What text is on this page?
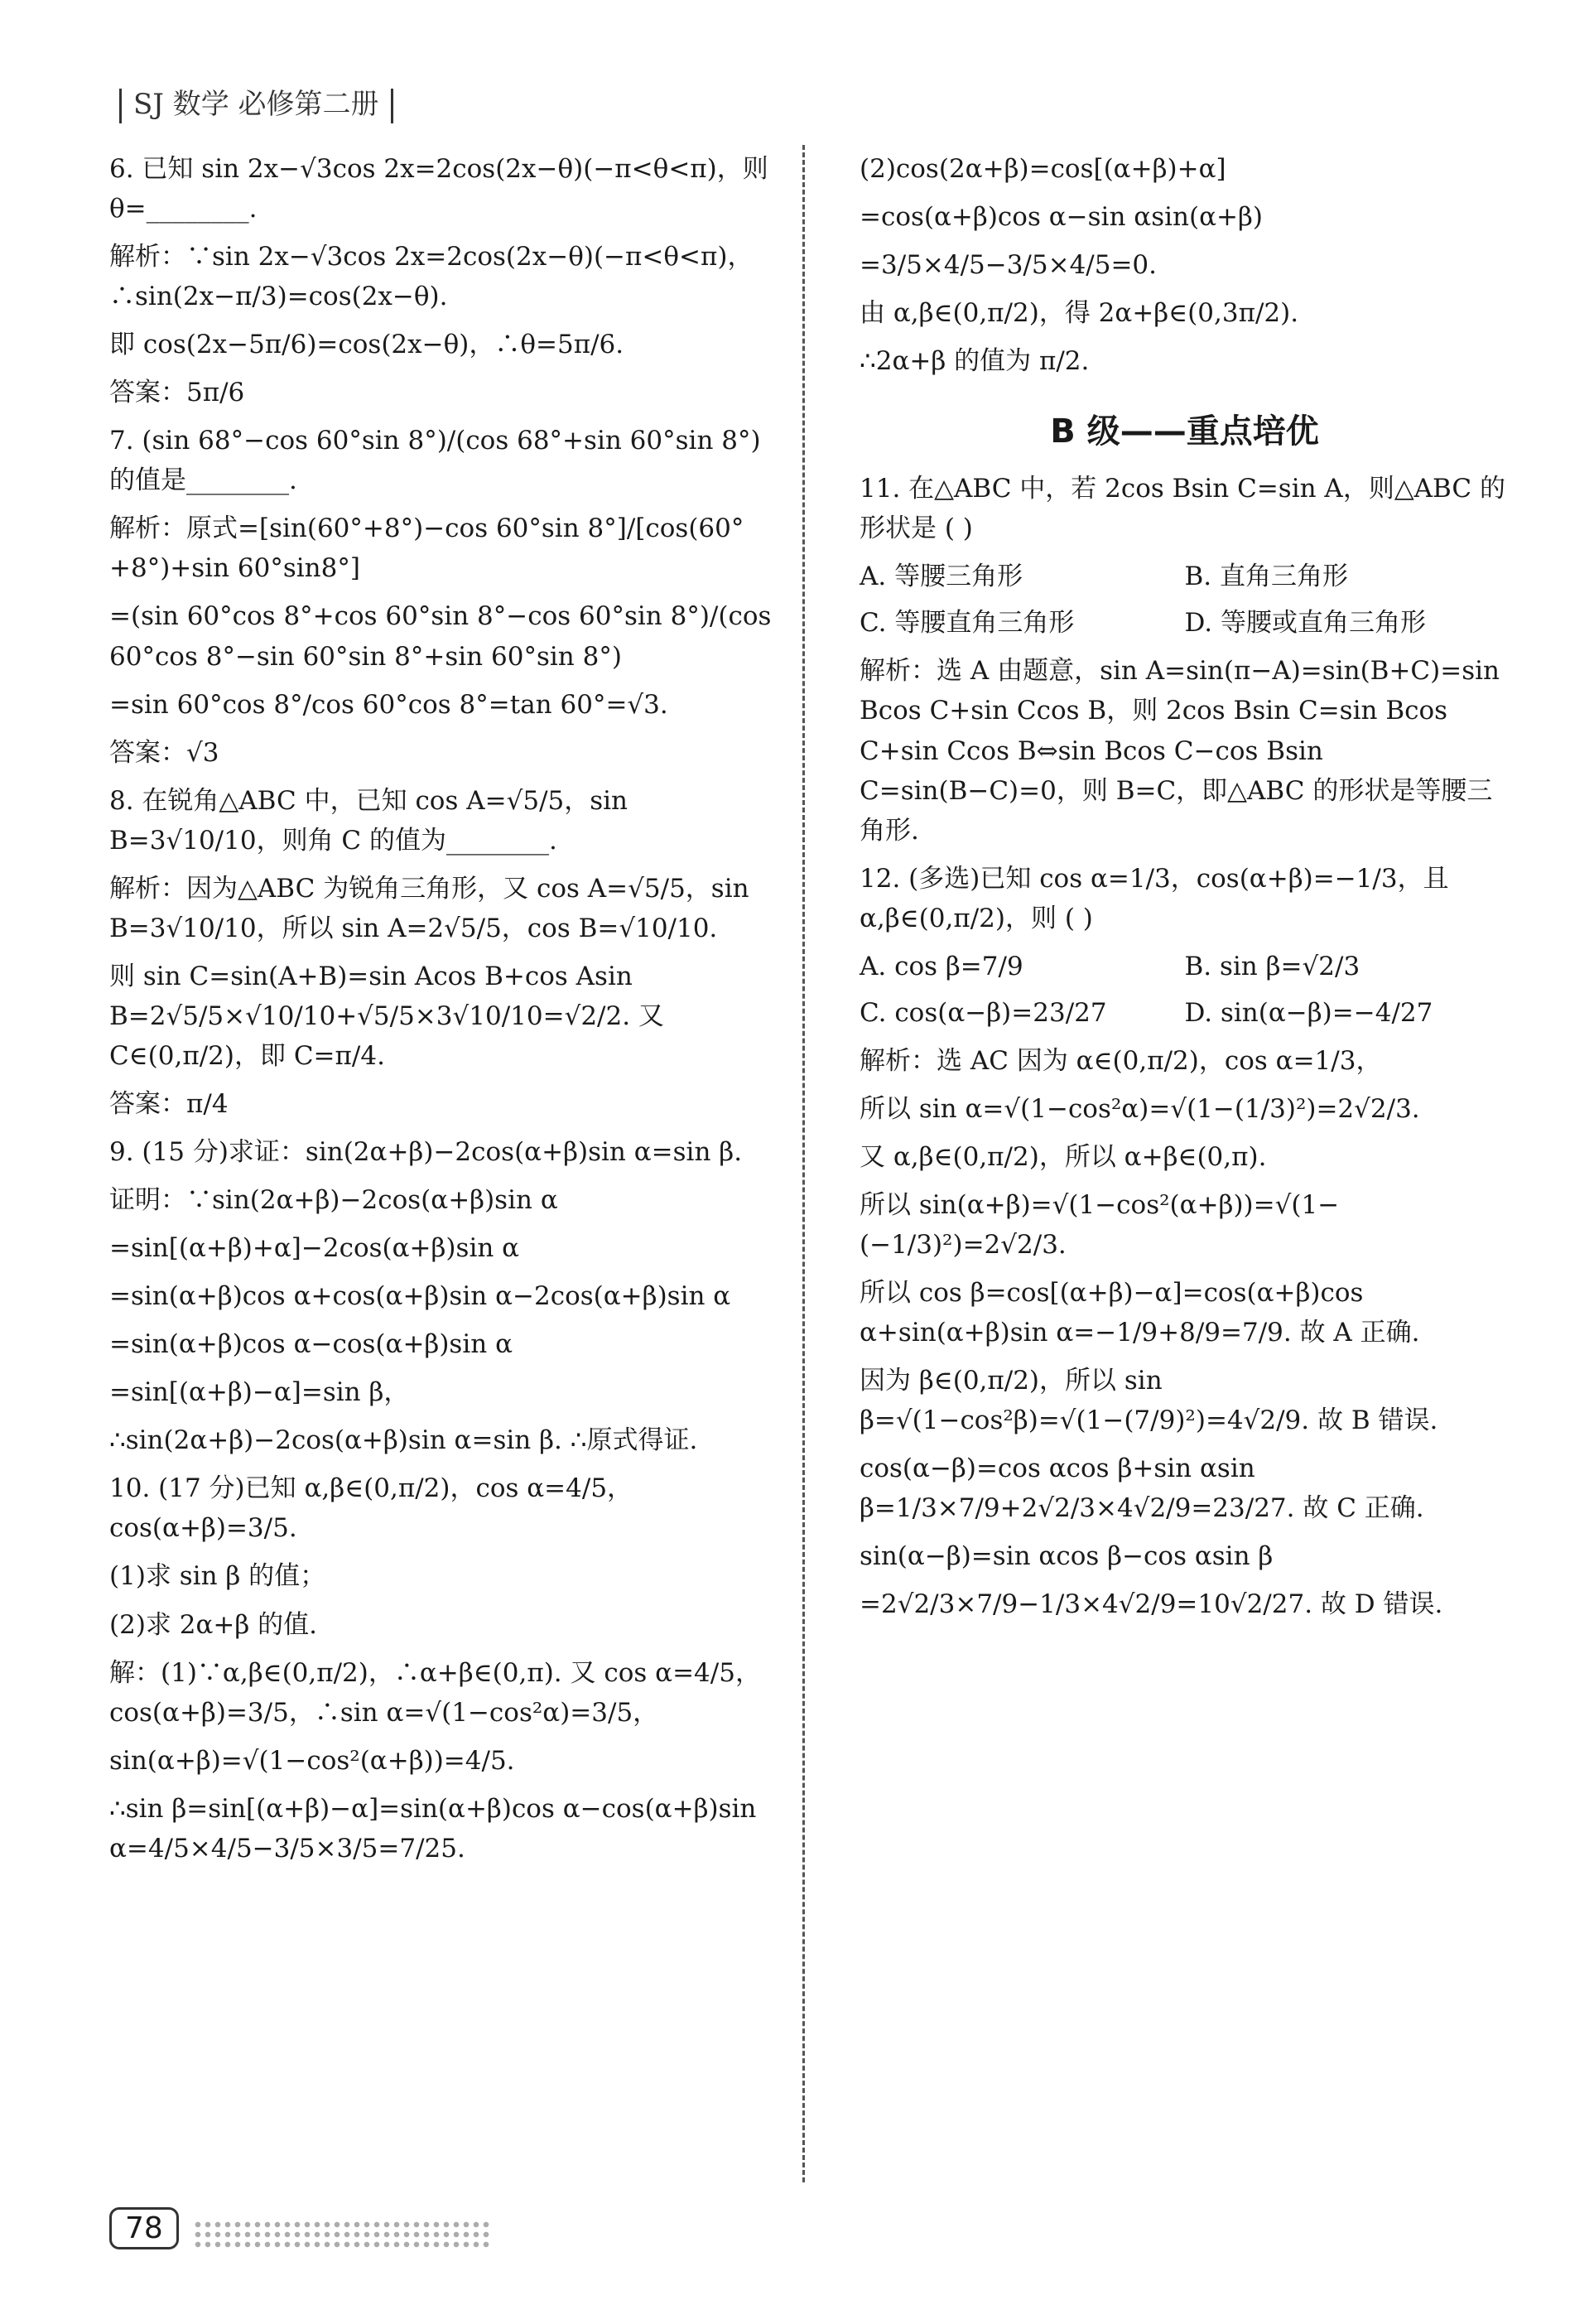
SJ 数学 必修第二册
6. 已知 sin 2x−√3cos 2x=2cos(2x−θ)(−π<θ<π)，则 θ=________.
解析：∵sin 2x−√3cos 2x=2cos(2x−θ)(−π<θ<π)，∴sin(2x−π/3)=cos(2x−θ).
即 cos(2x−5π/6)=cos(2x−θ)，∴θ=5π/6.
答案：5π/6
7. (sin 68°−cos 60°sin 8°)/(cos 68°+sin 60°sin 8°) 的值是________.
解析：原式=[sin(60°+8°)−cos 60°sin 8°]/[cos(60°+8°)+sin 60°sin8°]
=(sin 60°cos 8°+cos 60°sin 8°−cos 60°sin 8°)/(cos 60°cos 8°−sin 60°sin 8°+sin 60°sin 8°)
=sin 60°cos 8°/cos 60°cos 8°=tan 60°=√3.
答案：√3
8. 在锐角△ABC 中，已知 cos A=√5/5，sin B=3√10/10，则角 C 的值为________.
解析：因为△ABC 为锐角三角形，又 cos A=√5/5，sin B=3√10/10，所以 sin A=2√5/5，cos B=√10/10.
则 sin C=sin(A+B)=sin Acos B+cos Asin B=2√5/5×√10/10+√5/5×3√10/10=√2/2. 又 C∈(0,π/2)，即 C=π/4.
答案：π/4
9. (15 分)求证：sin(2α+β)−2cos(α+β)sin α=sin β.
证明：∵sin(2α+β)−2cos(α+β)sin α
=sin[(α+β)+α]−2cos(α+β)sin α
=sin(α+β)cos α+cos(α+β)sin α−2cos(α+β)sin α
=sin(α+β)cos α−cos(α+β)sin α
=sin[(α+β)−α]=sin β，
∴sin(2α+β)−2cos(α+β)sin α=sin β. ∴原式得证.
10. (17 分)已知 α,β∈(0,π/2)，cos α=4/5，cos(α+β)=3/5.
(1)求 sin β 的值；
(2)求 2α+β 的值.
解：(1)∵α,β∈(0,π/2)，∴α+β∈(0,π). 又 cos α=4/5，cos(α+β)=3/5，∴sin α=√(1−cos²α)=3/5，
sin(α+β)=√(1−cos²(α+β))=4/5.
∴sin β=sin[(α+β)−α]=sin(α+β)cos α−cos(α+β)sin α=4/5×4/5−3/5×3/5=7/25.
(2)cos(2α+β)=cos[(α+β)+α]
=cos(α+β)cos α−sin αsin(α+β)
=3/5×4/5−3/5×4/5=0.
由 α,β∈(0,π/2)，得 2α+β∈(0,3π/2).
∴2α+β 的值为 π/2.
B 级——重点培优
11. 在△ABC 中，若 2cos Bsin C=sin A，则△ABC 的形状是 ( )
A. 等腰三角形	B. 直角三角形
C. 等腰直角三角形	D. 等腰或直角三角形
解析：选 A 由题意，sin A=sin(π−A)=sin(B+C)=sin Bcos C+sin Ccos B，则 2cos Bsin C=sin Bcos C+sin Ccos B⇔sin Bcos C−cos Bsin C=sin(B−C)=0，则 B=C，即△ABC 的形状是等腰三角形.
12. (多选)已知 cos α=1/3，cos(α+β)=−1/3，且 α,β∈(0,π/2)，则 ( )
A. cos β=7/9	B. sin β=√2/3
C. cos(α−β)=23/27	D. sin(α−β)=−4/27
解析：选 AC 因为 α∈(0,π/2)，cos α=1/3，
所以 sin α=√(1−cos²α)=√(1−(1/3)²)=2√2/3.
又 α,β∈(0,π/2)，所以 α+β∈(0,π).
所以 sin(α+β)=√(1−cos²(α+β))=√(1−(−1/3)²)=2√2/3.
所以 cos β=cos[(α+β)−α]=cos(α+β)cos α+sin(α+β)sin α=−1/9+8/9=7/9. 故 A 正确.
因为 β∈(0,π/2)，所以 sin β=√(1−cos²β)=√(1−(7/9)²)=4√2/9. 故 B 错误.
cos(α−β)=cos αcos β+sin αsin β=1/3×7/9+2√2/3×4√2/9=23/27. 故 C 正确.
sin(α−β)=sin αcos β−cos αsin β
=2√2/3×7/9−1/3×4√2/9=10√2/27. 故 D 错误.
78
